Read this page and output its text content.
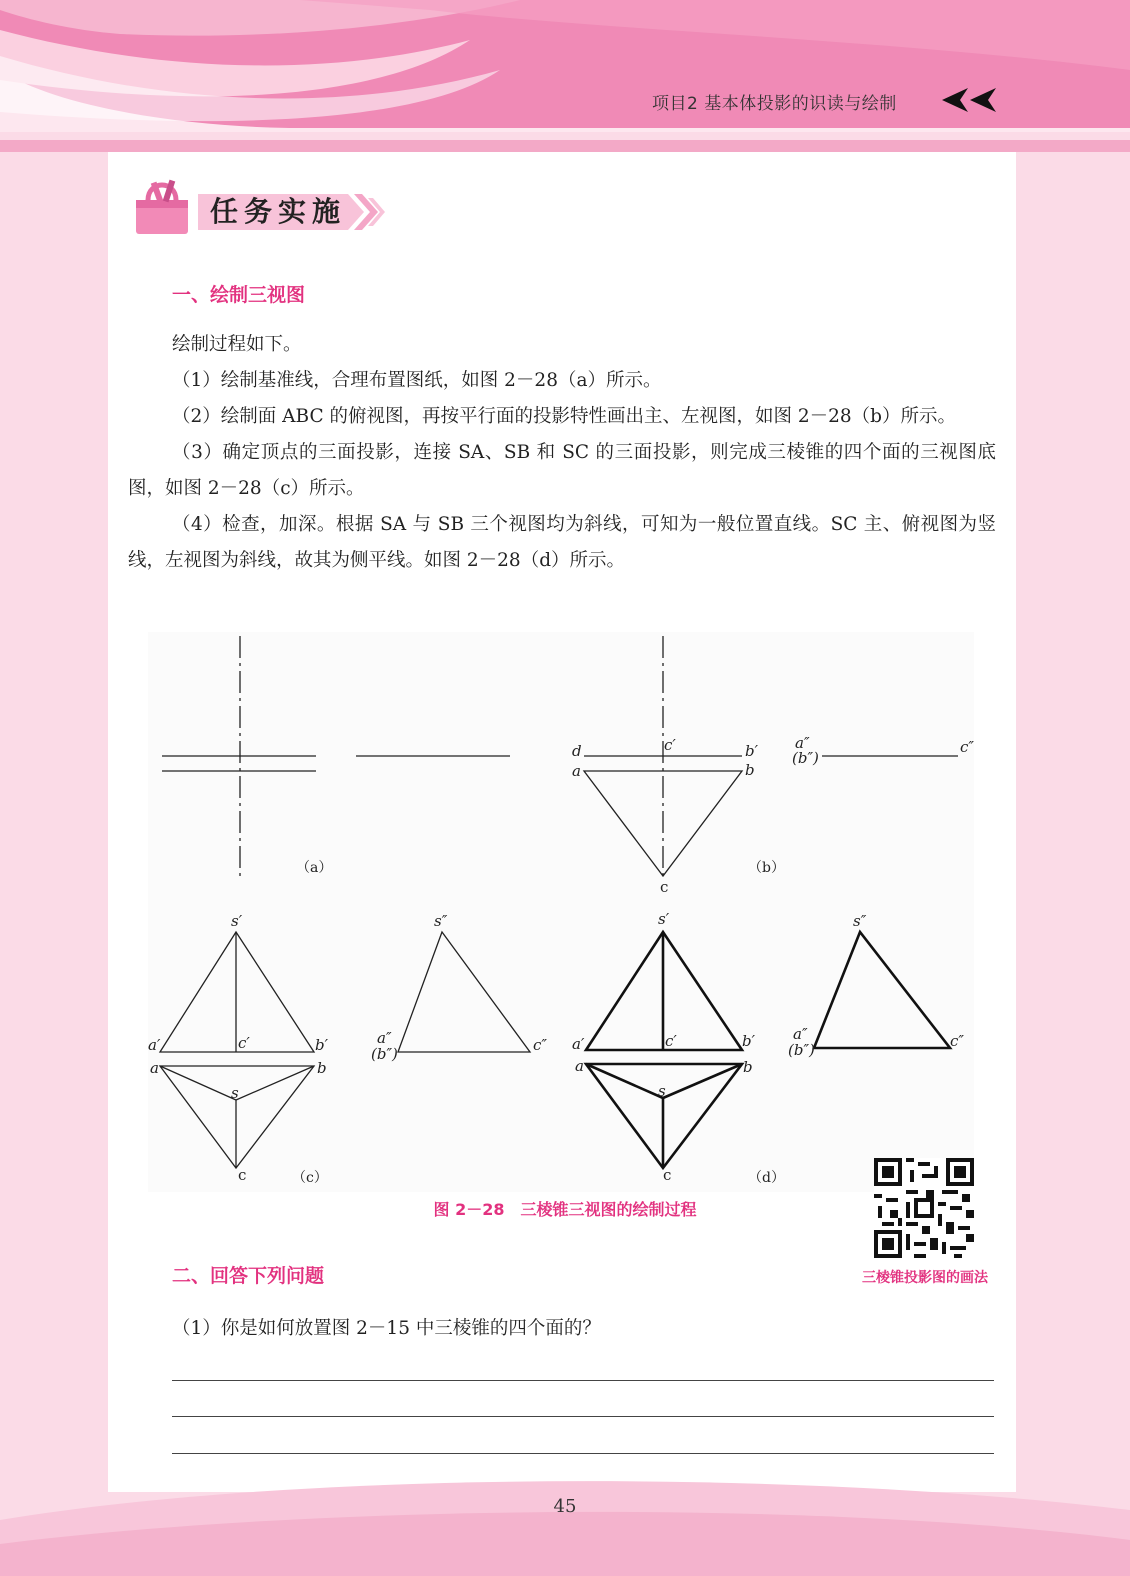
项目2 基本体投影的识读与绘制
任务实施
一、绘制三视图

绘制过程如下。

（1）绘制基准线，合理布置图纸，如图 2－28（a）所示。

（2）绘制面 ABC 的俯视图，再按平行面的投影特性画出主、左视图，如图 2－28（b）所示。

（3）确定顶点的三面投影，连接 SA、SB 和 SC 的三面投影，则完成三棱锥的四个面的三视图底图，如图 2－28（c）所示。

（4）检查，加深。根据 SA 与 SB 三个视图均为斜线，可知为一般位置直线。SC 主、俯视图为竖线，左视图为斜线，故其为侧平线。如图 2－28（d）所示。

d	c′	b′
a	b
c
a″
(b″)
c″
s′
a′	c′	b′
a	b
s
c
s″
a″
(b″)	c″
s′
a′	c′	b′
a	b
s
c
s″
a″
(b″)	c″
（a）	（b）
（c）	（d）
图 2－28　三棱锥三视图的绘制过程
三棱锥投影图的画法
二、回答下列问题
（1）你是如何放置图 2－15 中三棱锥的四个面的？
45
